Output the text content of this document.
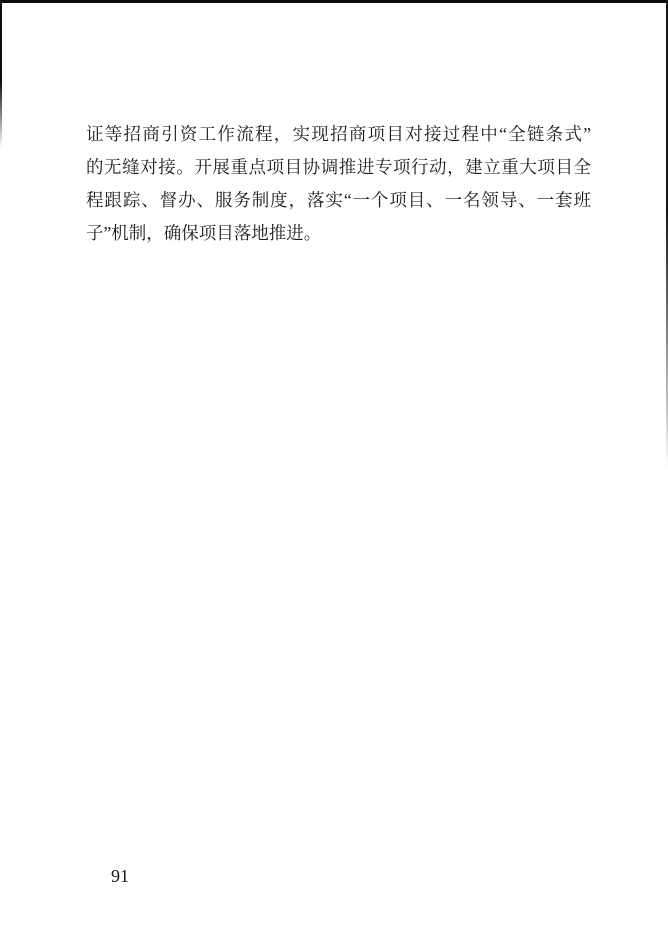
证等招商引资工作流程，实现招商项目对接过程中“全链条式”
的无缝对接。开展重点项目协调推进专项行动，建立重大项目全
程跟踪、督办、服务制度，落实“一个项目、一名领导、一套班
子”机制，确保项目落地推进。
91
